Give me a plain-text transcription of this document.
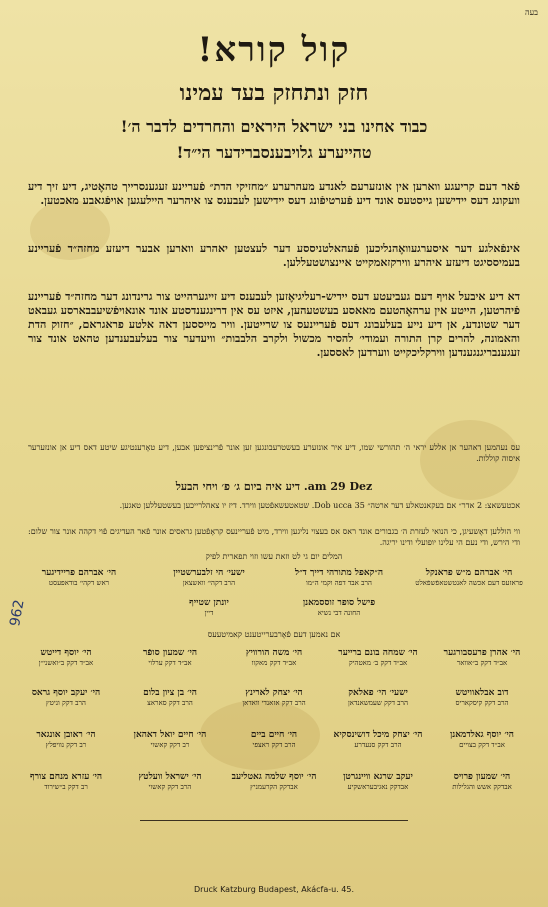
בעה
קול קורא!
חזק ונתחזק בעד עמינו
כבוד אחינו בני ישראל היראים והחרדים לדבר ה׳!
טהייערע גלויבענסברידער הי״ד!

פֿאר דעם קריעגע ווארען אין אונזערעם לאנדע מעהרערע ״מחזיקי הדת״ פֿעריינע זעגענסרייך טהאֶטיג, דיע זיך דיע וועקונג דעס יידישען גייסטעס אונד דיע פֿערטיפֿונג דעס יידישען לעבענס צו איהרער היילעגען אויפֿגאבע מאכטען.

אינפֿאלגע דער איסערגעוואֶהנליכען פֿעהאלטניססע דער לעצטען יאהרע ווארען אבער דיעזע מחזה״ד פֿעריינע בעמיססיגט דיעזע איהרע ווירקזאמקייט איינצושטעללען.

דא דיע איבעל אויף דעם געביעטע דעס יידיש-רעליגיאֶזען לעבענס דיע זייגערהייט צור גרינדונג דער מחזה״ד פֿעריינע פֿיהרטען, הייטע אין ערהאֶהטעם מאאסע בעשטעהען, איזט עס אין דרינגענדסטע אונד אונאויפֿשיעבבארסע געבאט דער שטונדע, אן דיע נייע בעלעבונג דעס פֿעריינעס צו שרייטען. וויר מייססען דאה אלטע פראגראם, ״חזוק הדת והאמונה, להרים קרן התורה ועמודי׳ להסיר מכשול ולקרב הלבבות״ וויעדער צור בעלעבענדען טהאט אונד צור זעגענבריגנגענדען ווירקליכקייט ווערדען לאססען.

עס נעהמען דאהער אן אללע יראי ה׳ תהורשי שמו, דיע איר אונזערע בעשטרעבונגען זען אונר פֿרינציפען אבען, דיע טאֶרענטיגע שיטע דאס דיע אן אונזערער איסוה קוללות.
am 29 Dez. דיע איה ביום ג׳ פ׳ ויחי הבעל
אכטעשאצ: 2 אדר״ אם בעקאנטאלע דער ארטה״ Dob ucca 35. שטאטעשאפֿטען ווירד. דיז יו צאהלרייכען בעשטעללען טאגען.
ווי הוללען דאֶשעיגן, כי הנואי לעזרת ה׳ בגבורים אונד ראס אס בעצוי נליגען ווירד, מיט פֿעריינעס קראֶפֿטען גראסים אונר פֿאר העדיגים פֿוי דקהה אונר צור שלום: ודי הירש, ודי נעם הי עלינו יופועלי ודינו יריגה.
המלים יום גי לט וזאת עשו וזוי תפארית לפיק
הי׳ אברהם מ״ש פראנקל
פראזעס דעם אכשה לאנטשטאפֿשפֿאלט
ה״קאפל מתורהי דייך ד״ל
הרב אבד דפה וקמי ה״מו
ישעי׳ הי זלבערשטיין
הרב דקהי׳ וואשצאן
הי׳ אברהם פריידיגער
ראש דקהי׳ בודאפעסט
פישל סופר זוססמאנן
החונה דבי נשיא
יונתן שטייף
דיין
אם נאמען דעם פֿאֶרבערייטענט קאמיטעעס
הי׳ אהרן פרעסבורגער
אב״ד דקק ב״אוואר
הי׳ שמחה בונם ברייער
אב״ד דקק ב׳ מאטהיק
הי׳ משה הורוויץ
אב״ד דקק מאקוו
הי׳ שמעון סופֿר
אב״ד דקק ערלוי
הי׳ יוסף דייטש
אב״ד דקק ב״ואשני״ן
דוב אבלאוויטש
הרב דקק קיסקאריס
ישעי׳ הי׳ פאלאק
הרב דקק שעמשאנדאן
הי׳ יצחק לארינץ
הרב דקק אזאנדי וואדאן
הי׳ בן ציון בלום
הרב דקק סאראצ
הי׳ יעקב יוסף גראס
הרב דקק וניטץ
הי׳ יוסף גאלדמאנן
אב״ד דקק בצויים
הי׳ יצחק מיכל דושינסקיא
הרב דקק סנעדרע
הי׳ חיים ביים
הרב דקק ראצפי
הי׳ חיים יואל דאהאן
רב דקק קאשוי
הי׳ ראובן אונגאר
רב דקק נוויפלץ
הי׳ שמעון פרויס
אבדקק אשש והגלילות
יעקב שרגא וויינגרטן
אבדקק נאגיבעראשקיע
הי׳ יוסף שלמה גאטליעב
אבדקק הקרעמניץ
הי׳ ישראל וועלטץ
הרב דקק קאשוי
הי׳ עזרא מנחם צורף
רב דקק ב״שירוד
962
Druck Katzburg Budapest, Akácfa-u. 45.
